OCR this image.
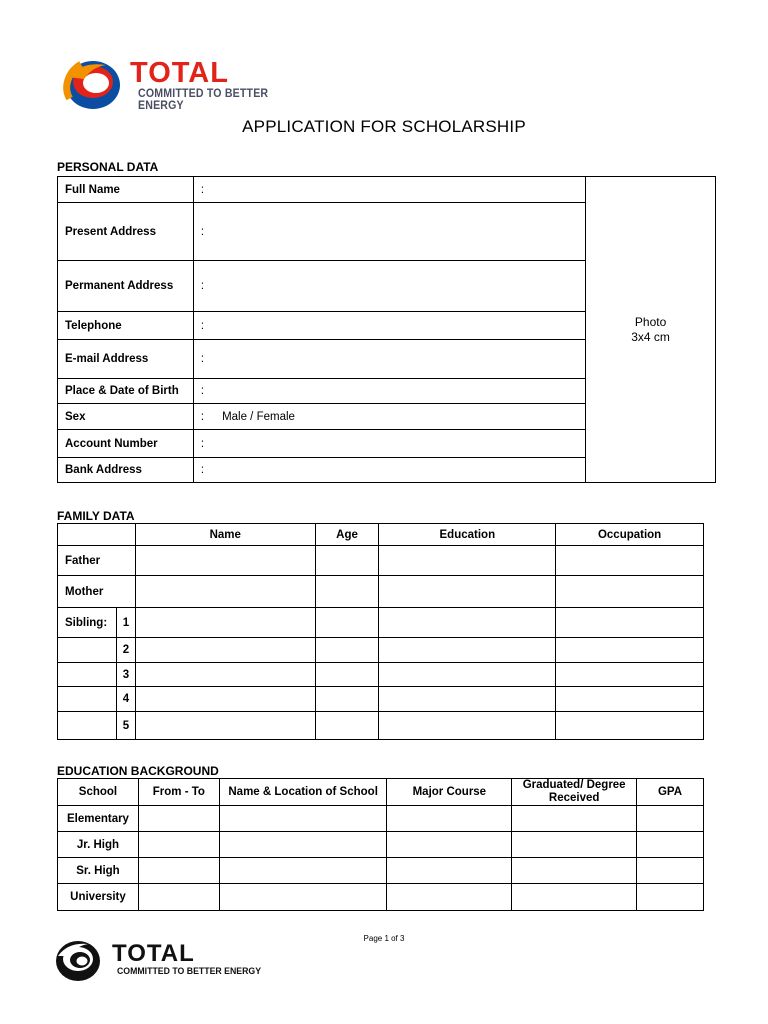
TOTAL
COMMITTED TO BETTER ENERGY
APPLICATION FOR SCHOLARSHIP
PERSONAL DATA
Full Name	:	Photo
3x4 cm

Present Address	:	
Permanent Address	:	
Telephone	:	
E-mail Address	:	
Place & Date of Birth	:	
Sex	: Male / Female	
Account Number	:	
Bank Address	:	
FAMILY DATA
		Name	Age	Education	Occupation
Father					
Mother					
Sibling:	1				
	2				
	3				
	4				
	5				
EDUCATION BACKGROUND
School	From - To	Name & Location of School	Major Course	Graduated/ Degree Received	GPA
Elementary					
Jr. High					
Sr. High					
University					
Page 1 of 3
TOTAL
COMMITTED TO BETTER ENERGY
